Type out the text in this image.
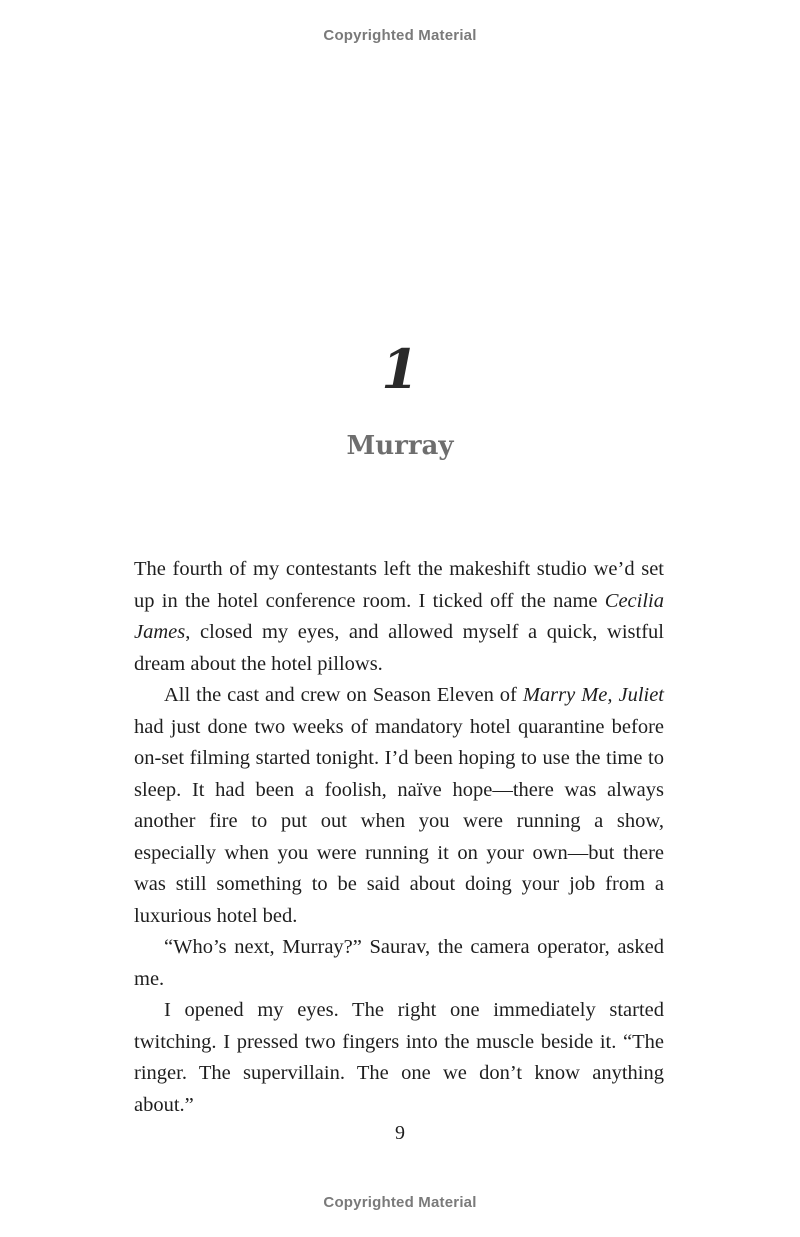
Copyrighted Material
1
Murray

The fourth of my contestants left the makeshift studio we’d set up in the hotel conference room. I ticked off the name Cecilia James, closed my eyes, and allowed myself a quick, wistful dream about the hotel pillows.

All the cast and crew on Season Eleven of Marry Me, Juliet had just done two weeks of mandatory hotel quarantine before on-set filming started tonight. I’d been hoping to use the time to sleep. It had been a foolish, naïve hope—there was always another fire to put out when you were running a show, especially when you were running it on your own—but there was still something to be said about doing your job from a luxurious hotel bed.

“Who’s next, Murray?” Saurav, the camera operator, asked me.

I opened my eyes. The right one immediately started twitching. I pressed two fingers into the muscle beside it. “The ringer. The supervillain. The one we don’t know anything about.”

9
Copyrighted Material
